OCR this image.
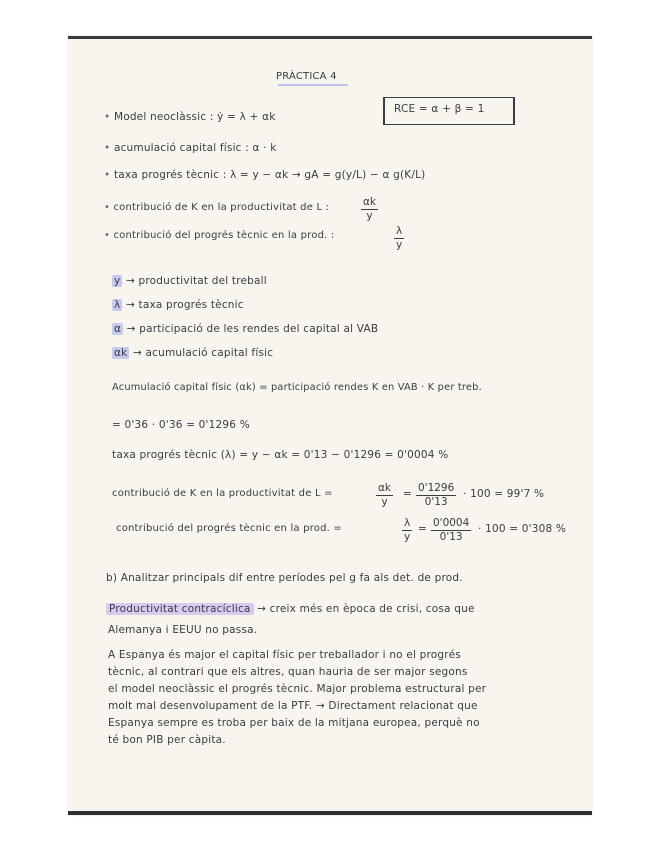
PRÀCTICA 4
RCE = α + β = 1
• Model neoclàssic : ẏ = λ + αk
• acumulació capital físic : α · k
• taxa progrés tècnic : λ = y − αk → gA = g(y/L) − α g(K/L)
• contribució de K en la productivitat de L :	$\frac{\alpha k}{y}$
• contribució del progrés tècnic en la prod. :	$\frac{\lambda}{y}$
y → productivitat del treball
λ → taxa progrés tècnic
α → participació de les rendes del capital al VAB
αk → acumulació capital físic
Acumulació capital físic (αk) = participació rendes K en VAB · K per treb.
= 0'36 · 0'36 = 0'1296 %
taxa progrés tècnic (λ) = y − αk = 0'13 − 0'1296 = 0'0004 %
contribució de K en la productivitat de L =	$\frac{\alpha k}{y} = \frac{0'1296}{0'13} \cdot 100 = 99'7$ %
contribució del progrés tècnic en la prod. =	$\frac{\lambda}{y} = \frac{0'0004}{0'13} \cdot 100 = 0'308$ %
b) Analitzar principals dif entre períodes pel g fa als det. de prod.
Productivitat contracíclica → creix més en època de crisi, cosa que
Alemanya i EEUU no passa.
A Espanya és major el capital físic per treballador i no el progrés
tècnic, al contrari que els altres, quan hauria de ser major segons
el model neoclàssic el progrés tècnic. Major problema estructural per
molt mal desenvolupament de la PTF. → Directament relacionat que
Espanya sempre es troba per baix de la mitjana europea, perquè no
té bon PIB per càpita.
